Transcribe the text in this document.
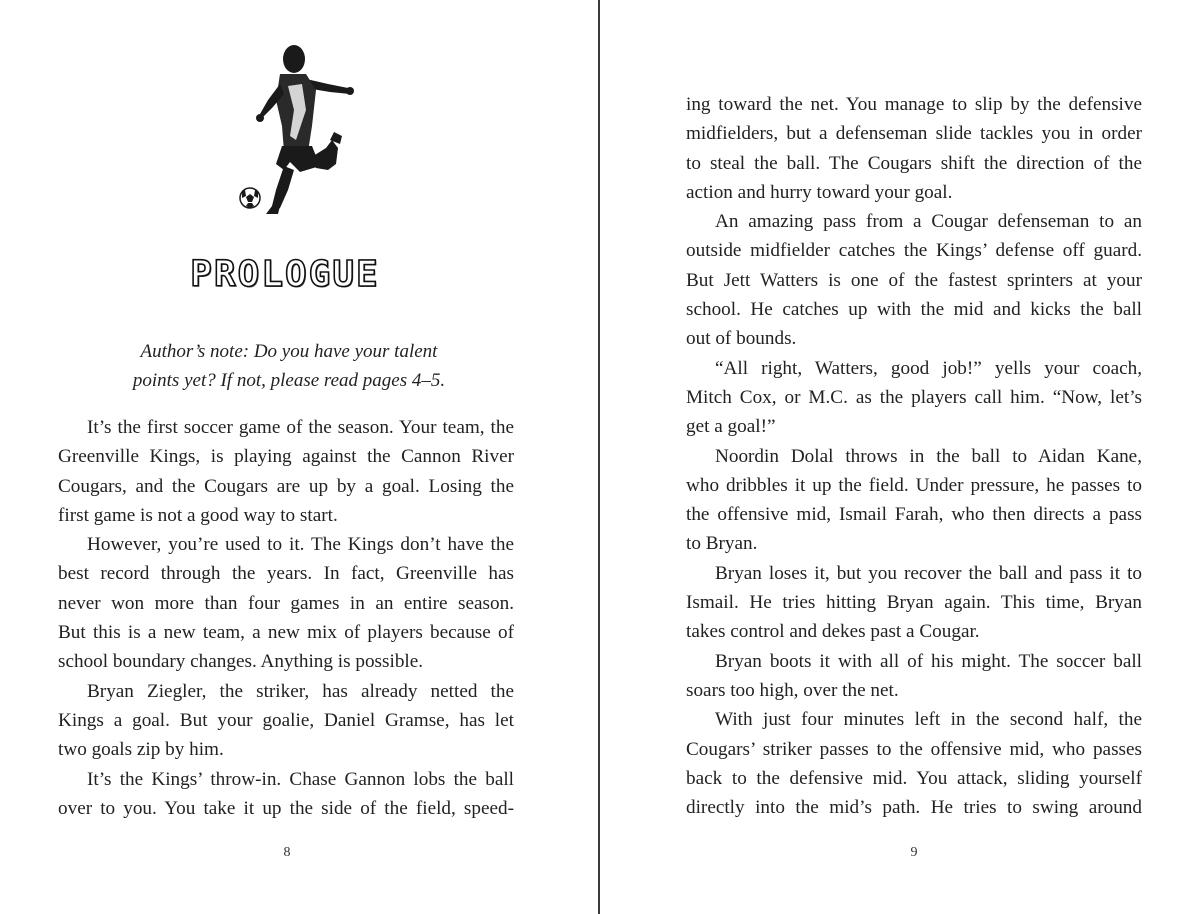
PROLOGUE
Author’s note: Do you have your talent
points yet? If not, please read pages 4–5.
It’s the first soccer game of the season. Your team, the
Greenville Kings, is playing against the Cannon River
Cougars, and the Cougars are up by a goal. Losing the
first game is not a good way to start.
However, you’re used to it. The Kings don’t have the
best record through the years. In fact, Greenville has
never won more than four games in an entire season.
But this is a new team, a new mix of players because of
school boundary changes. Anything is possible.
Bryan Ziegler, the striker, has already netted the
Kings a goal. But your goalie, Daniel Gramse, has let
two goals zip by him.
It’s the Kings’ throw-in. Chase Gannon lobs the ball
over to you. You take it up the side of the field, speed-
8
ing toward the net. You manage to slip by the defensive
midfielders, but a defenseman slide tackles you in order
to steal the ball. The Cougars shift the direction of the
action and hurry toward your goal.
An amazing pass from a Cougar defenseman to an
outside midfielder catches the Kings’ defense off guard.
But Jett Watters is one of the fastest sprinters at your
school. He catches up with the mid and kicks the ball
out of bounds.
“All right, Watters, good job!” yells your coach,
Mitch Cox, or M.C. as the players call him. “Now, let’s
get a goal!”
Noordin Dolal throws in the ball to Aidan Kane,
who dribbles it up the field. Under pressure, he passes to
the offensive mid, Ismail Farah, who then directs a pass
to Bryan.
Bryan loses it, but you recover the ball and pass it to
Ismail. He tries hitting Bryan again. This time, Bryan
takes control and dekes past a Cougar.
Bryan boots it with all of his might. The soccer ball
soars too high, over the net.
With just four minutes left in the second half, the
Cougars’ striker passes to the offensive mid, who passes
back to the defensive mid. You attack, sliding yourself
directly into the mid’s path. He tries to swing around
9
